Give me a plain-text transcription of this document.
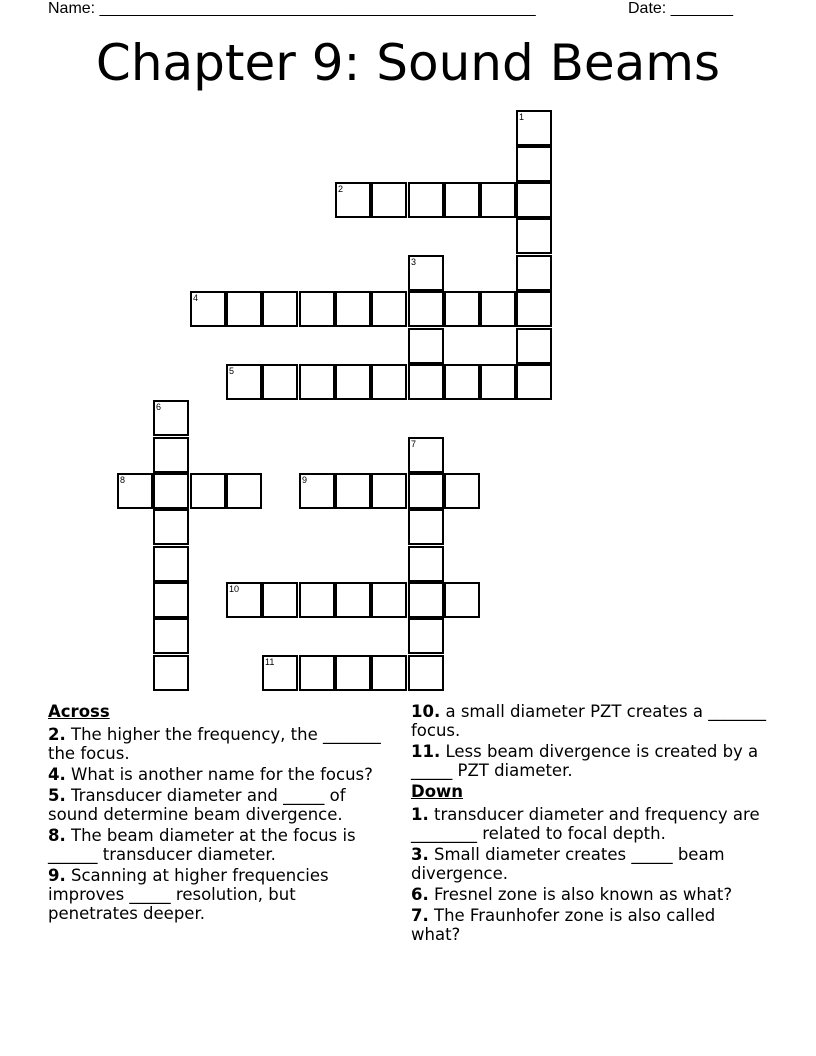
Name: _________________________________________________	Date: _______
Chapter 9: Sound Beams
1
2
3
4
5
6
8
7
9
10
11
Across
2. The higher the frequency, the _______ the focus.
4. What is another name for the focus?
5. Transducer diameter and _____ of sound determine beam divergence.
8. The beam diameter at the focus is ______ transducer diameter.
9. Scanning at higher frequencies improves _____ resolution, but penetrates deeper.
10. a small diameter PZT creates a _______ focus.
11. Less beam divergence is created by a _____ PZT diameter.
Down
1. transducer diameter and frequency are ________ related to focal depth.
3. Small diameter creates _____ beam divergence.
6. Fresnel zone is also known as what?
7. The Fraunhofer zone is also called what?
